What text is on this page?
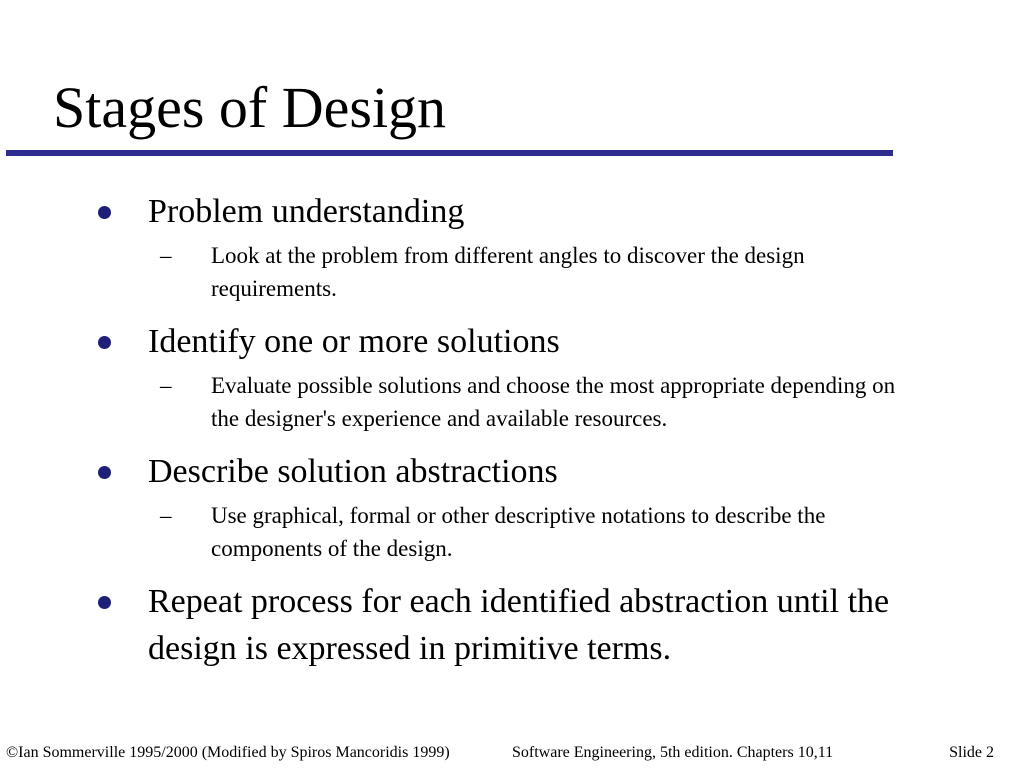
Stages of Design
Problem understanding
– Look at the problem from different angles to discover the design requirements.
Identify one or more solutions
– Evaluate possible solutions and choose the most appropriate depending on the designer's experience and available resources.
Describe solution abstractions
– Use graphical, formal or other descriptive notations to describe the components of the design.
Repeat process for each identified abstraction until the design is expressed in primitive terms.
©Ian Sommerville 1995/2000 (Modified by Spiros Mancoridis 1999)	Software Engineering, 5th edition. Chapters 10,11	Slide 2
